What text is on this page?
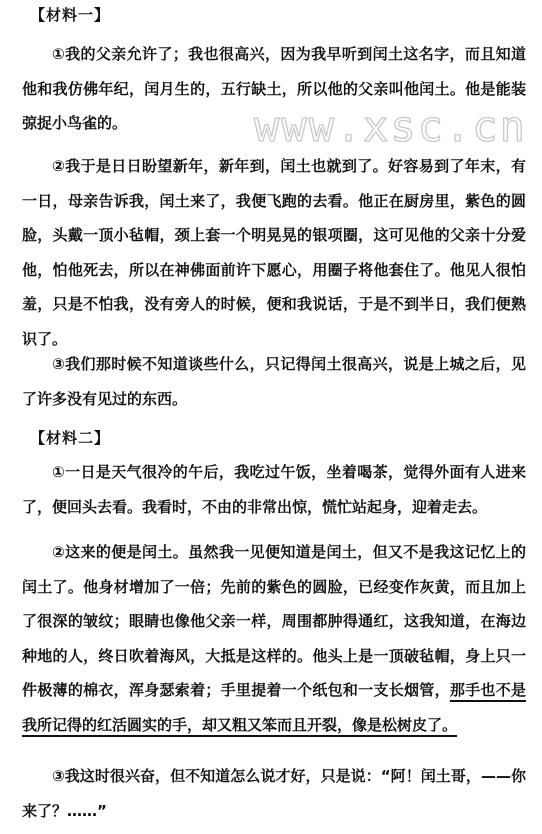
www.xsc.cn
【材料一】
①我的父亲允许了；我也很高兴，因为我早听到闰土这名字，而且知道他和我仿佛年纪，闰月生的，五行缺土，所以他的父亲叫他闰土。他是能装弶捉小鸟雀的。
②我于是日日盼望新年，新年到，闰土也就到了。好容易到了年末，有一日，母亲告诉我，闰土来了，我便飞跑的去看。他正在厨房里，紫色的圆脸，头戴一顶小毡帽，颈上套一个明晃晃的银项圈，这可见他的父亲十分爱他，怕他死去，所以在神佛面前许下愿心，用圈子将他套住了。他见人很怕羞，只是不怕我，没有旁人的时候，便和我说话，于是不到半日，我们便熟识了。
③我们那时候不知道谈些什么，只记得闰土很高兴，说是上城之后，见了许多没有见过的东西。
【材料二】
①一日是天气很冷的午后，我吃过午饭，坐着喝茶，觉得外面有人进来了，便回头去看。我看时，不由的非常出惊，慌忙站起身，迎着走去。
②这来的便是闰土。虽然我一见便知道是闰土，但又不是我这记忆上的闰土了。他身材增加了一倍；先前的紫色的圆脸，已经变作灰黄，而且加上了很深的皱纹；眼睛也像他父亲一样，周围都肿得通红，这我知道，在海边种地的人，终日吹着海风，大抵是这样的。他头上是一顶破毡帽，身上只一件极薄的棉衣，浑身瑟索着；手里提着一个纸包和一支长烟管，那手也不是我所记得的红活圆实的手，却又粗又笨而且开裂，像是松树皮了。
③我这时很兴奋，但不知道怎么说才好，只是说：“阿！闰土哥，——你来了？……”
